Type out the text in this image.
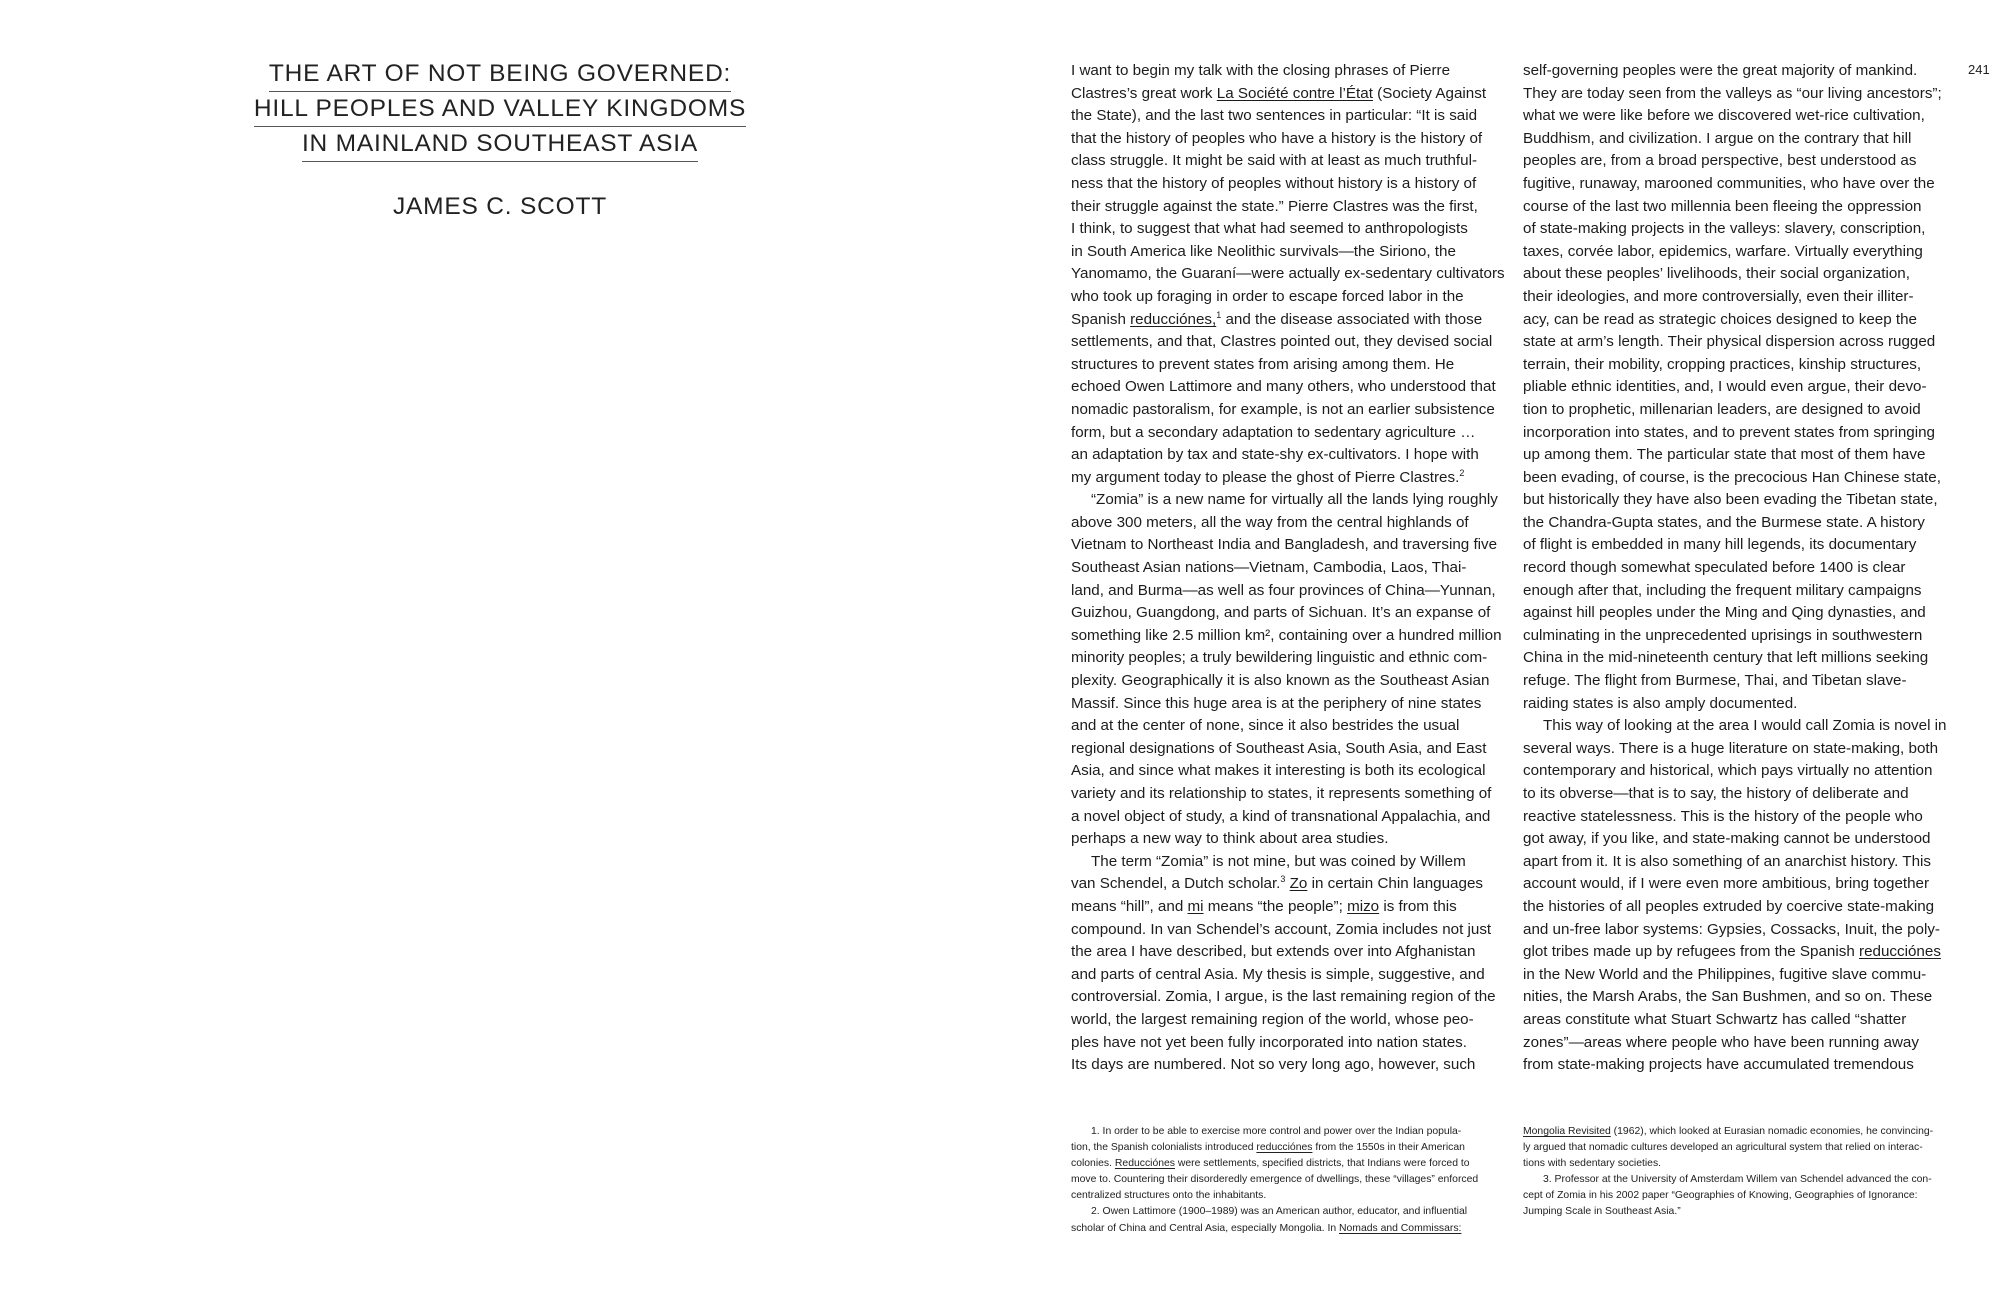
THE ART OF NOT BEING GOVERNED:
HILL PEOPLES AND VALLEY KINGDOMS
IN MAINLAND SOUTHEAST ASIA
JAMES C. SCOTT
241

I want to begin my talk with the closing phrases of Pierre
Clastres’s great work La Société contre l’État (Society Against
the State), and the last two sentences in particular: “It is said
that the history of peoples who have a history is the history of
class struggle. It might be said with at least as much truthful-
ness that the history of peoples without history is a history of
their struggle against the state.” Pierre Clastres was the first,
I think, to suggest that what had seemed to anthropologists
in South America like Neolithic survivals—the Siriono, the
Yanomamo, the Guaraní—were actually ex-sedentary cultivators
who took up foraging in order to escape forced labor in the
Spanish reducciónes,$^1$ and the disease associated with those
settlements, and that, Clastres pointed out, they devised social
structures to prevent states from arising among them. He
echoed Owen Lattimore and many others, who understood that
nomadic pastoralism, for example, is not an earlier subsistence
form, but a secondary adaptation to sedentary agriculture …
an adaptation by tax and state-shy ex-cultivators. I hope with
my argument today to please the ghost of Pierre Clastres.$^2$

“Zomia” is a new name for virtually all the lands lying roughly
above 300 meters, all the way from the central highlands of
Vietnam to Northeast India and Bangladesh, and traversing five
Southeast Asian nations—Vietnam, Cambodia, Laos, Thai-
land, and Burma—as well as four provinces of China—Yunnan,
Guizhou, Guangdong, and parts of Sichuan. It’s an expanse of
something like 2.5 million km², containing over a hundred million
minority peoples; a truly bewildering linguistic and ethnic com-
plexity. Geographically it is also known as the Southeast Asian
Massif. Since this huge area is at the periphery of nine states
and at the center of none, since it also bestrides the usual
regional designations of Southeast Asia, South Asia, and East
Asia, and since what makes it interesting is both its ecological
variety and its relationship to states, it represents something of
a novel object of study, a kind of transnational Appalachia, and
perhaps a new way to think about area studies.

The term “Zomia” is not mine, but was coined by Willem
van Schendel, a Dutch scholar.$^3$ Zo in certain Chin languages
means “hill”, and mi means “the people”; mizo is from this
compound. In van Schendel’s account, Zomia includes not just
the area I have described, but extends over into Afghanistan
and parts of central Asia. My thesis is simple, suggestive, and
controversial. Zomia, I argue, is the last remaining region of the
world, the largest remaining region of the world, whose peo-
ples have not yet been fully incorporated into nation states.
Its days are numbered. Not so very long ago, however, such

self-governing peoples were the great majority of mankind.
They are today seen from the valleys as “our living ancestors”;
what we were like before we discovered wet-rice cultivation,
Buddhism, and civilization. I argue on the contrary that hill
peoples are, from a broad perspective, best understood as
fugitive, runaway, marooned communities, who have over the
course of the last two millennia been fleeing the oppression
of state-making projects in the valleys: slavery, conscription,
taxes, corvée labor, epidemics, warfare. Virtually everything
about these peoples’ livelihoods, their social organization,
their ideologies, and more controversially, even their illiter-
acy, can be read as strategic choices designed to keep the
state at arm’s length. Their physical dispersion across rugged
terrain, their mobility, cropping practices, kinship structures,
pliable ethnic identities, and, I would even argue, their devo-
tion to prophetic, millenarian leaders, are designed to avoid
incorporation into states, and to prevent states from springing
up among them. The particular state that most of them have
been evading, of course, is the precocious Han Chinese state,
but historically they have also been evading the Tibetan state,
the Chandra-Gupta states, and the Burmese state. A history
of flight is embedded in many hill legends, its documentary
record though somewhat speculated before 1400 is clear
enough after that, including the frequent military campaigns
against hill peoples under the Ming and Qing dynasties, and
culminating in the unprecedented uprisings in southwestern
China in the mid-nineteenth century that left millions seeking
refuge. The flight from Burmese, Thai, and Tibetan slave-
raiding states is also amply documented.

This way of looking at the area I would call Zomia is novel in
several ways. There is a huge literature on state-making, both
contemporary and historical, which pays virtually no attention
to its obverse—that is to say, the history of deliberate and
reactive statelessness. This is the history of the people who
got away, if you like, and state-making cannot be understood
apart from it. It is also something of an anarchist history. This
account would, if I were even more ambitious, bring together
the histories of all peoples extruded by coercive state-making
and un-free labor systems: Gypsies, Cossacks, Inuit, the poly-
glot tribes made up by refugees from the Spanish reducciónes
in the New World and the Philippines, fugitive slave commu-
nities, the Marsh Arabs, the San Bushmen, and so on. These
areas constitute what Stuart Schwartz has called “shatter
zones”—areas where people who have been running away
from state-making projects have accumulated tremendous

1. In order to be able to exercise more control and power over the Indian popula-
tion, the Spanish colonialists introduced reducciónes from the 1550s in their American
colonies. Reducciónes were settlements, specified districts, that Indians were forced to
move to. Countering their disorderedly emergence of dwellings, these “villages” enforced
centralized structures onto the inhabitants.

2. Owen Lattimore (1900–1989) was an American author, educator, and influential
scholar of China and Central Asia, especially Mongolia. In Nomads and Commissars:

Mongolia Revisited (1962), which looked at Eurasian nomadic economies, he convincing-
ly argued that nomadic cultures developed an agricultural system that relied on interac-
tions with sedentary societies.

3. Professor at the University of Amsterdam Willem van Schendel advanced the con-
cept of Zomia in his 2002 paper “Geographies of Knowing, Geographies of Ignorance:
Jumping Scale in Southeast Asia.”
